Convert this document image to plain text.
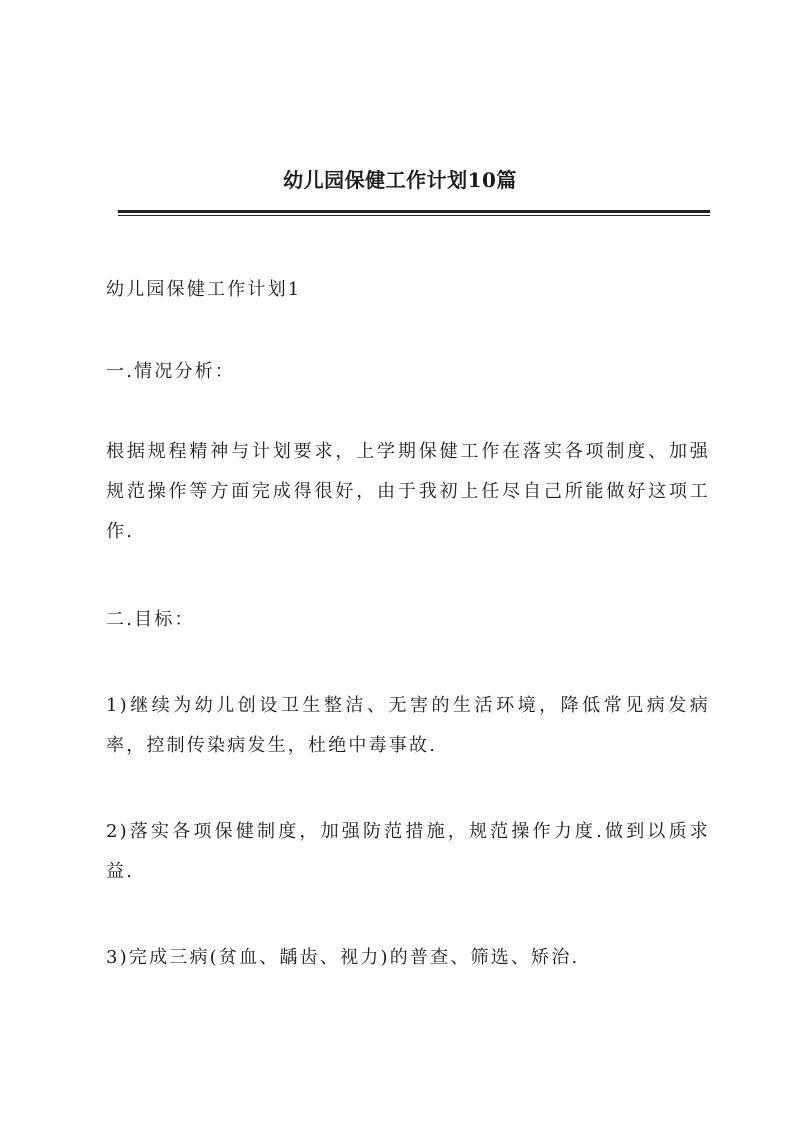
幼儿园保健工作计划10篇

幼儿园保健工作计划1

一.情况分析：

根据规程精神与计划要求，上学期保健工作在落实各项制度、加强规范操作等方面完成得很好，由于我初上任尽自己所能做好这项工作.

二.目标：

1)继续为幼儿创设卫生整洁、无害的生活环境，降低常见病发病率，控制传染病发生，杜绝中毒事故.

2)落实各项保健制度，加强防范措施，规范操作力度.做到以质求益.

3)完成三病(贫血、龋齿、视力)的普查、筛选、矫治.
